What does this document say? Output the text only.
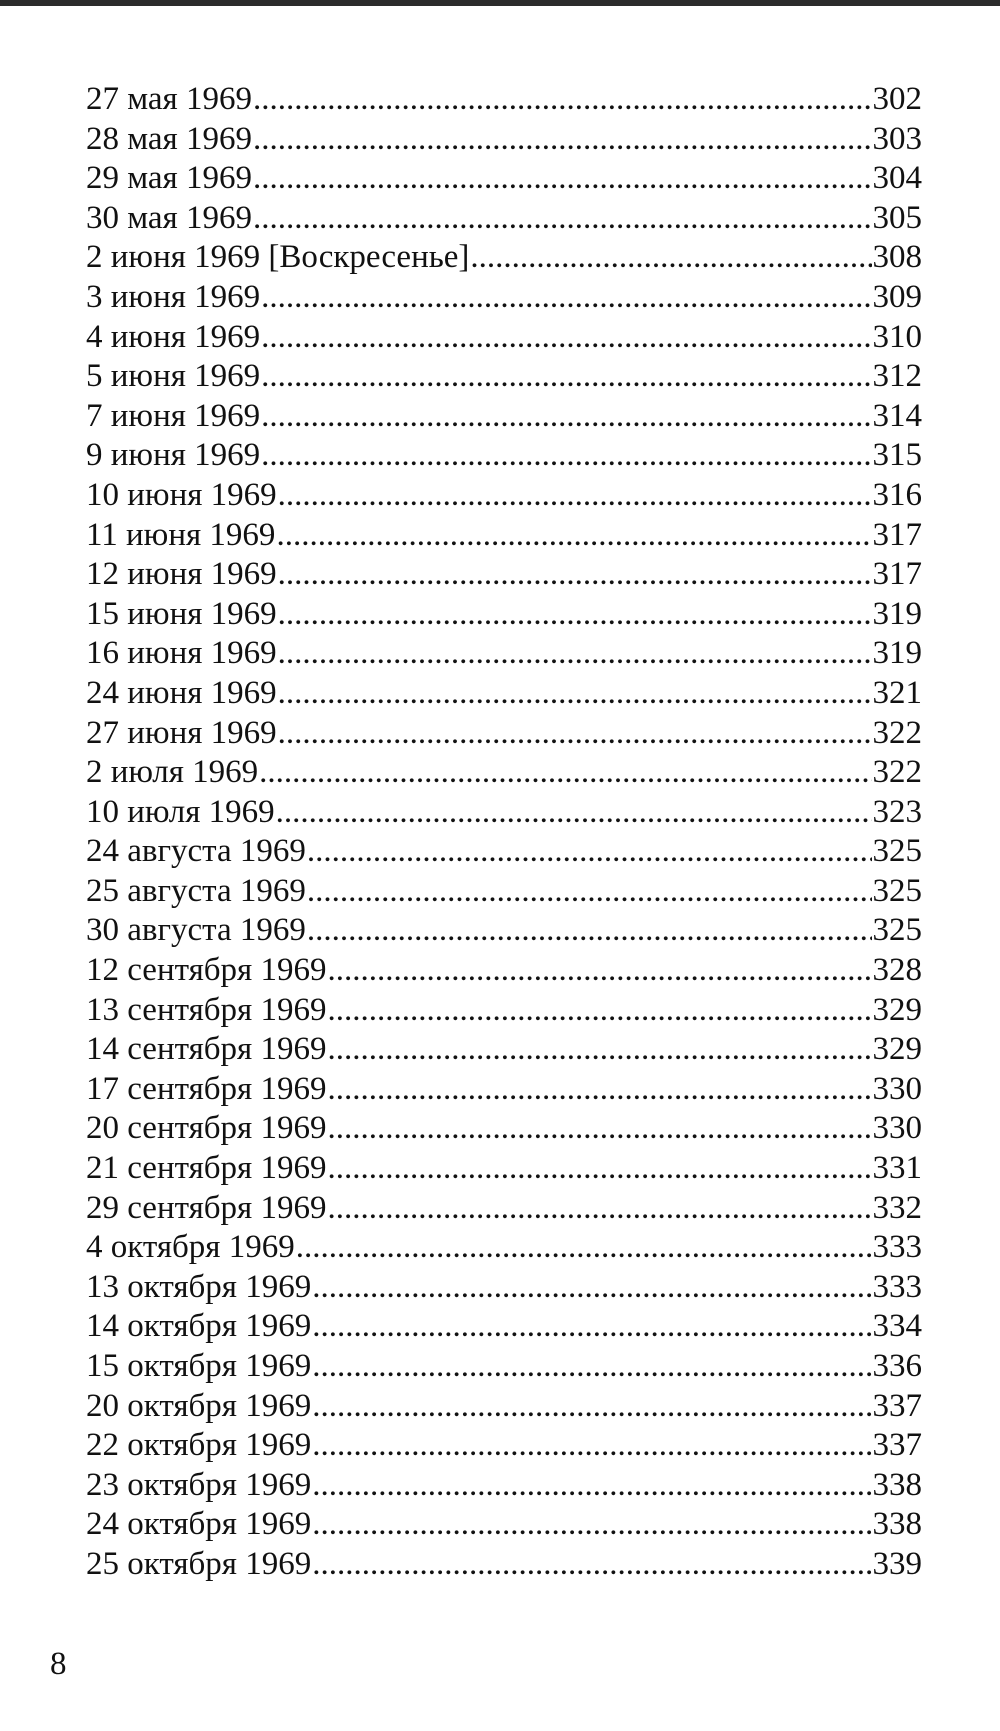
27 мая 1969 .....	302
28 мая 1969 .....	303
29 мая 1969 .....	304
30 мая 1969 .....	305
2 июня 1969 [Воскресенье] .....	308
3 июня 1969 .....	309
4 июня 1969 .....	310
5 июня 1969 .....	312
7 июня 1969 .....	314
9 июня 1969 .....	315
10 июня 1969 .....	316
11 июня 1969 .....	317
12 июня 1969 .....	317
15 июня 1969 .....	319
16 июня 1969 .....	319
24 июня 1969 .....	321
27 июня 1969 .....	322
2 июля 1969 .....	322
10 июля 1969 .....	323
24 августа 1969 .....	325
25 августа 1969 .....	325
30 августа 1969 .....	325
12 сентября 1969 .....	328
13 сентября 1969 .....	329
14 сентября 1969 .....	329
17 сентября 1969 .....	330
20 сентября 1969 .....	330
21 сентября 1969 .....	331
29 сентября 1969 .....	332
4 октября 1969 .....	333
13 октября 1969 .....	333
14 октября 1969 .....	334
15 октября 1969 .....	336
20 октября 1969 .....	337
22 октября 1969 .....	337
23 октября 1969 .....	338
24 октября 1969 .....	338
25 октября 1969 .....	339
8
